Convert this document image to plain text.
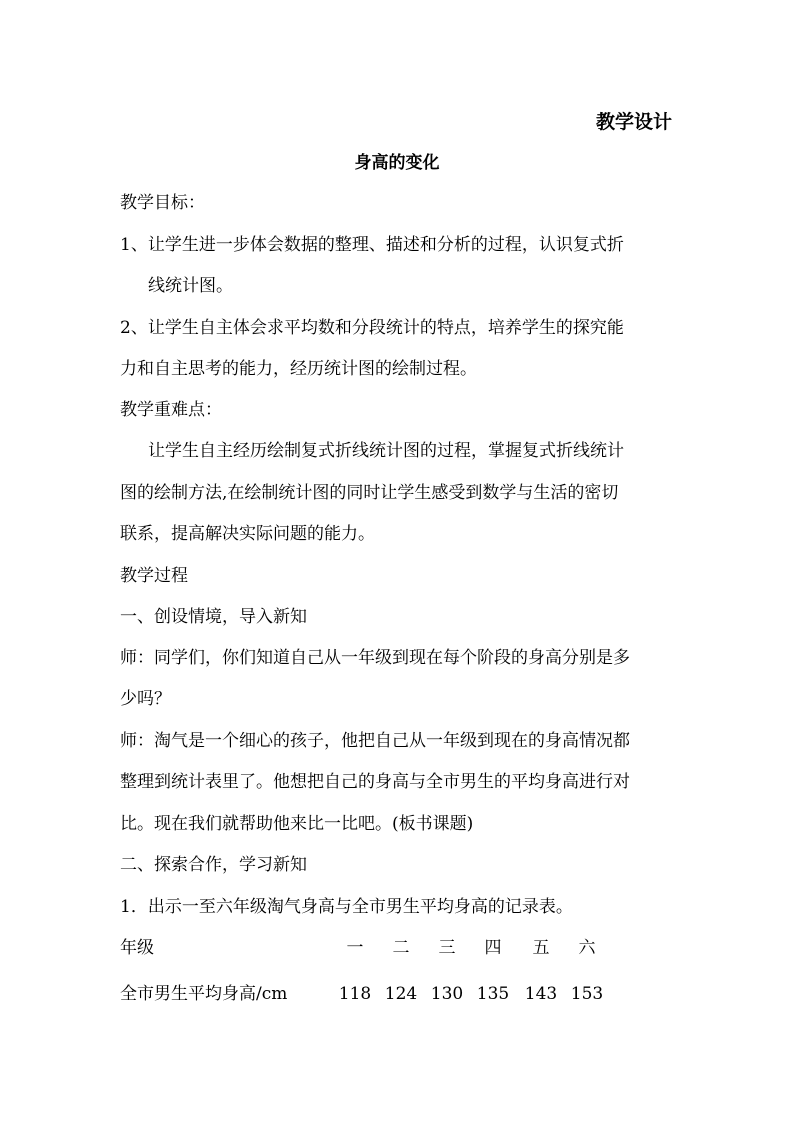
教学设计
身高的变化
教学目标：
1、让学生进一步体会数据的整理、描述和分析的过程，认识复式折
线统计图。
2、让学生自主体会求平均数和分段统计的特点，培养学生的探究能
力和自主思考的能力，经历统计图的绘制过程。
教学重难点：
让学生自主经历绘制复式折线统计图的过程，掌握复式折线统计
图的绘制方法,在绘制统计图的同时让学生感受到数学与生活的密切
联系，提高解决实际问题的能力。
教学过程
一、创设情境，导入新知
师：同学们，你们知道自己从一年级到现在每个阶段的身高分别是多
少吗？
师：淘气是一个细心的孩子，他把自己从一年级到现在的身高情况都
整理到统计表里了。他想把自己的身高与全市男生的平均身高进行对
比。现在我们就帮助他来比一比吧。(板书课题)
二、探索合作，学习新知
1．出示一至六年级淘气身高与全市男生平均身高的记录表。
年级	一	二	三	四	五	六
全市男生平均身高/cm	118 124 130 135 143 153
